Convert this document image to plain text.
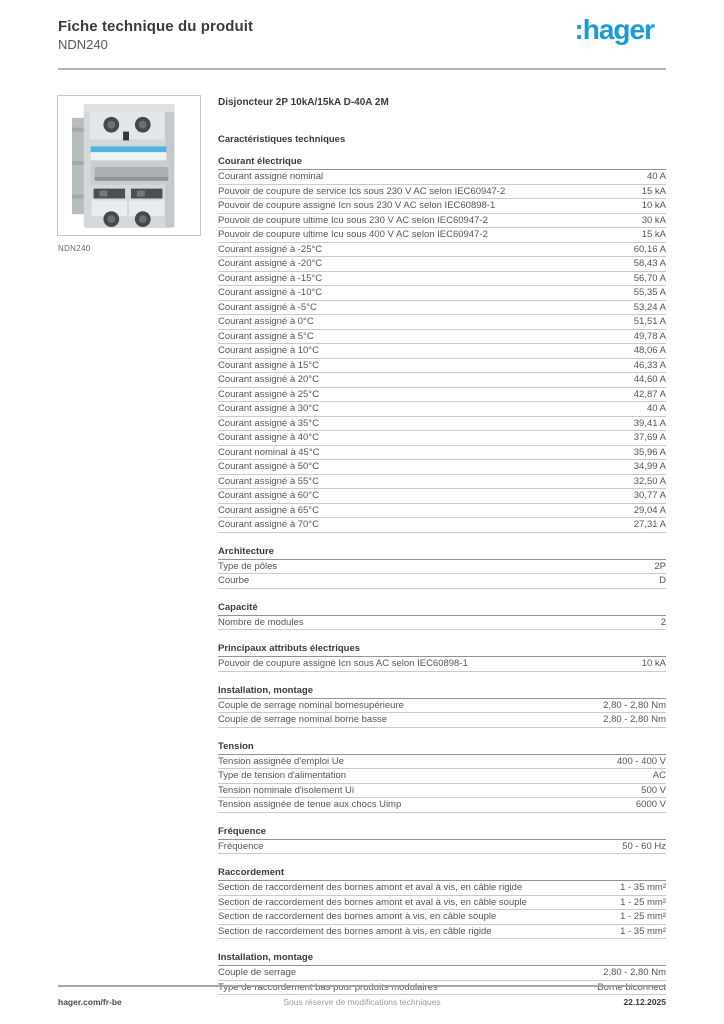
Fiche technique du produit
NDN240	:hager
NDN240
Disjoncteur 2P 10kA/15kA D-40A 2M
Caractéristiques techniques
Courant électrique
Courant assigné nominal	40 A
Pouvoir de coupure de service Ics sous 230 V AC selon IEC60947-2	15 kA
Pouvoir de coupure assigné Icn sous 230 V AC selon IEC60898-1	10 kA
Pouvoir de coupure ultime Icu sous 230 V AC selon IEC60947-2	30 kA
Pouvoir de coupure ultime Icu sous 400 V AC selon IEC60947-2	15 kA
Courant assigné à -25°C	60,16 A
Courant assigné à -20°C	58,43 A
Courant assigné à -15°C	56,70 A
Courant assigné à -10°C	55,35 A
Courant assigné à -5°C	53,24 A
Courant assigné à 0°C	51,51 A
Courant assigné à 5°C	49,78 A
Courant assigné à 10°C	48,06 A
Courant assigné à 15°C	46,33 A
Courant assigné à 20°C	44,60 A
Courant assigné à 25°C	42,87 A
Courant assigné à 30°C	40 A
Courant assigné à 35°C	39,41 A
Courant assigné à 40°C	37,69 A
Courant nominal à 45°C	35,96 A
Courant assigné à 50°C	34,99 A
Courant assigné à 55°C	32,50 A
Courant assigné à 60°C	30,77 A
Courant assigné à 65°C	29,04 A
Courant assigné à 70°C	27,31 A
Architecture
Type de pôles	2P
Courbe	D
Capacité
Nombre de modules	2
Principaux attributs électriques
Pouvoir de coupure assigné Icn sous AC selon IEC60898-1	10 kA
Installation, montage
Couple de serrage nominal bornesupérieure	2,80 - 2,80 Nm
Couple de serrage nominal borne basse	2,80 - 2,80 Nm
Tension
Tension assignée d'emploi Ue	400 - 400 V
Type de tension d'alimentation	AC
Tension nominale d'isolement Ui	500 V
Tension assignée de tenue aux chocs Uimp	6000 V
Fréquence
Fréquence	50 - 60 Hz
Raccordement
Section de raccordement des bornes amont et aval à vis, en câble rigide	1 - 35 mm²
Section de raccordement des bornes amont et aval à vis, en câble souple	1 - 25 mm²
Section de raccordement des bornes amont à vis, en câble souple	1 - 25 mm²
Section de raccordement des bornes amont à vis, en câble rigide	1 - 35 mm²
Installation, montage
Couple de serrage	2,80 - 2,80 Nm
Type de raccordement bas pour produits modulaires	Borne biconnect
hager.com/fr-be	Sous réserve de modifications techniques	22.12.2025
